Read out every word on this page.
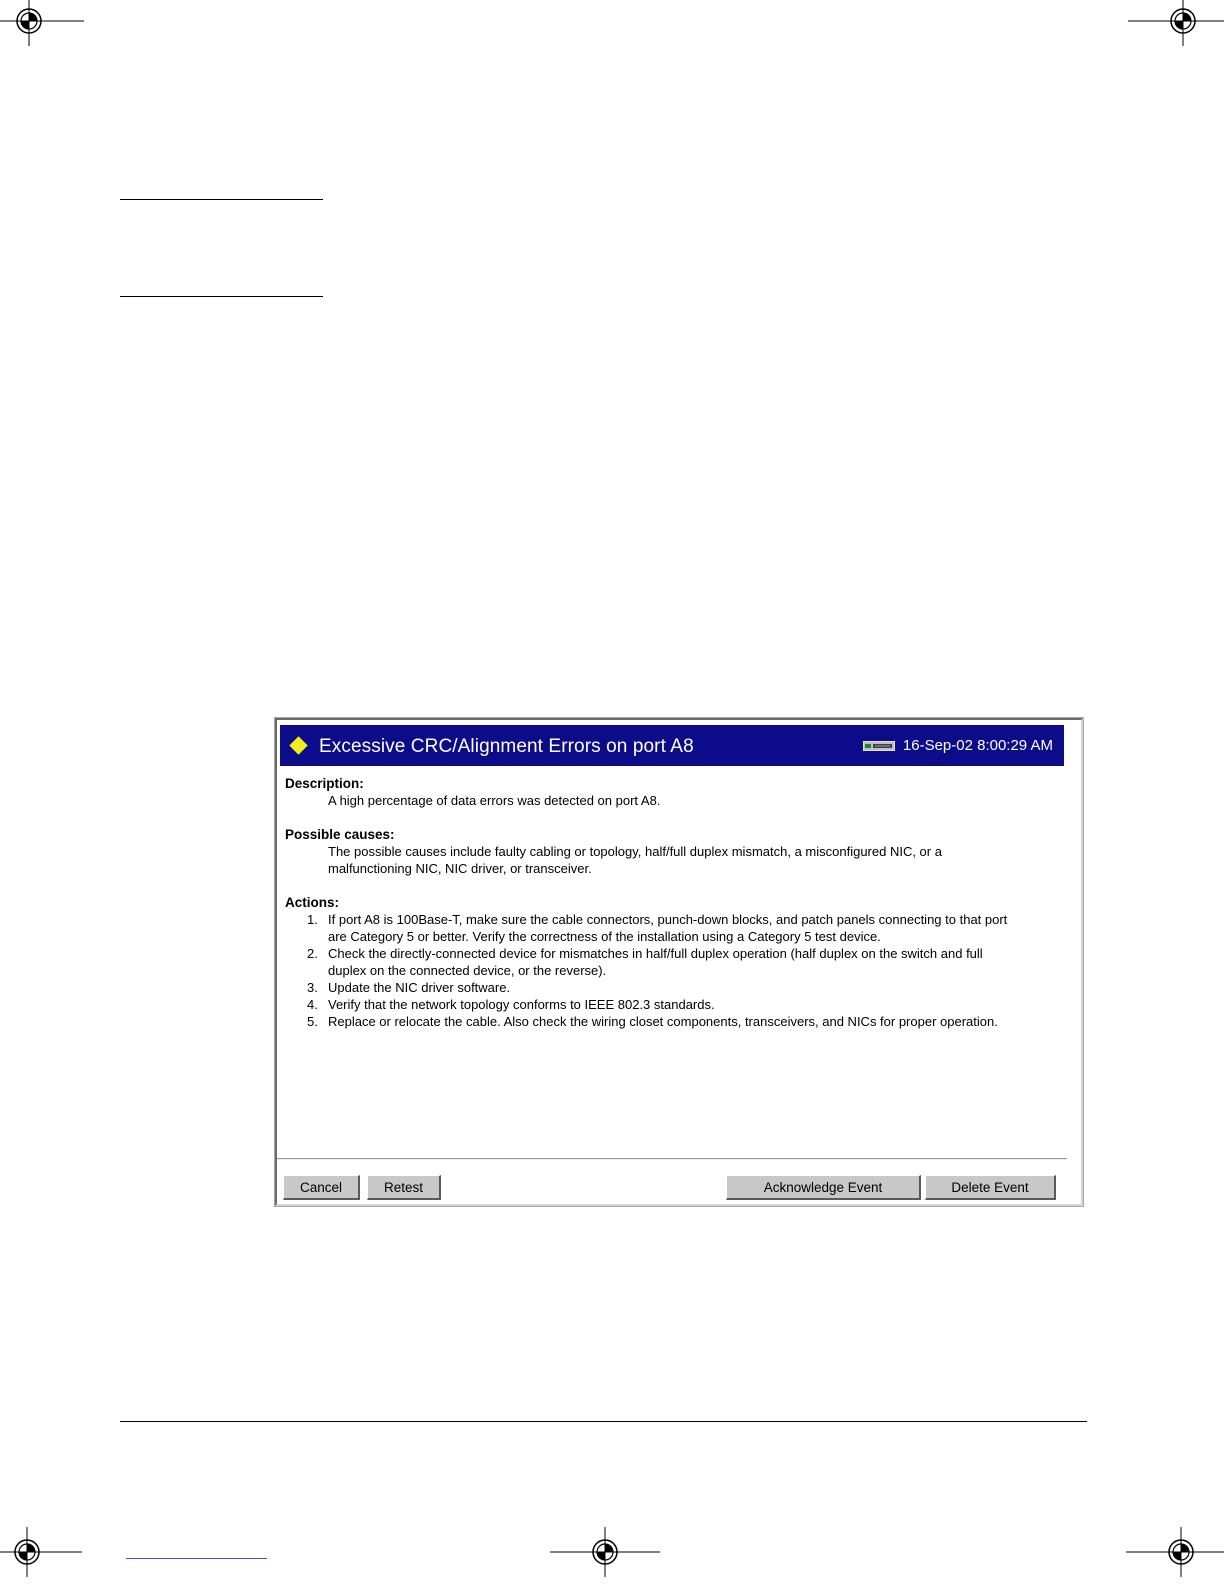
Excessive CRC/Alignment Errors on port A8	16-Sep-02 8:00:29 AM
Description:
A high percentage of data errors was detected on port A8.
Possible causes:
The possible causes include faulty cabling or topology, half/full duplex mismatch, a misconfigured NIC, or a
malfunctioning NIC, NIC driver, or transceiver.
Actions:
1. If port A8 is 100Base-T, make sure the cable connectors, punch-down blocks, and patch panels connecting to that port
are Category 5 or better. Verify the correctness of the installation using a Category 5 test device.
2. Check the directly-connected device for mismatches in half/full duplex operation (half duplex on the switch and full
duplex on the connected device, or the reverse).
3. Update the NIC driver software.
4. Verify that the network topology conforms to IEEE 802.3 standards.
5. Replace or relocate the cable. Also check the wiring closet components, transceivers, and NICs for proper operation.
Cancel	Retest	Acknowledge Event	Delete Event
